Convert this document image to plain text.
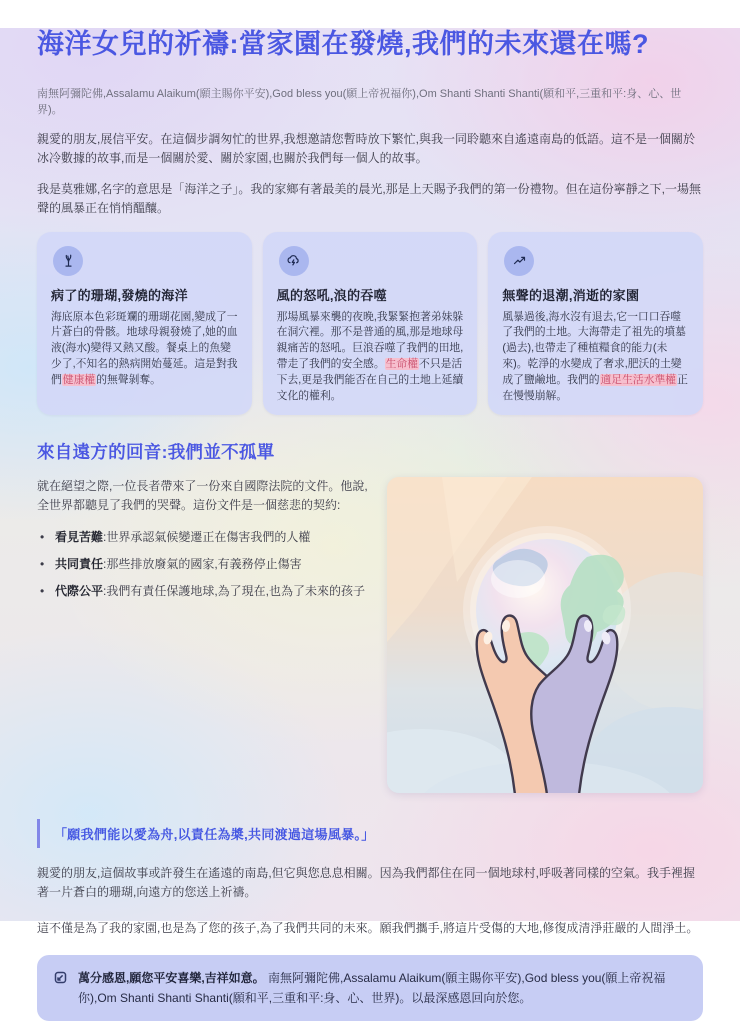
海洋女兒的祈禱:當家園在發燒,我們的未來還在嗎?

南無阿彌陀佛,Assalamu Alaikum(願主賜你平安),God bless you(願上帝祝福你),Om Shanti Shanti Shanti(願和平,三重和平:身、心、世界)。

親愛的朋友,展信平安。在這個步調匆忙的世界,我想邀請您暫時放下繁忙,與我一同聆聽來自遙遠南島的低語。這不是一個關於冰冷數據的故事,而是一個關於愛、關於家園,也關於我們每一個人的故事。

我是莫雅娜,名字的意思是「海洋之子」。我的家鄉有著最美的晨光,那是上天賜予我們的第一份禮物。但在這份寧靜之下,一場無聲的風暴正在悄悄醞釀。

病了的珊瑚,發燒的海洋

海底原本色彩斑斕的珊瑚花園,變成了一片蒼白的骨骸。地球母親發燒了,她的血液(海水)變得又熱又酸。餐桌上的魚變少了,不知名的熱病開始蔓延。這是對我們健康權的無聲剝奪。

風的怒吼,浪的吞噬

那場風暴來襲的夜晚,我緊緊抱著弟妹躲在洞穴裡。那不是普通的風,那是地球母親痛苦的怒吼。巨浪吞噬了我們的田地,帶走了我們的安全感。生命權不只是活下去,更是我們能否在自己的土地上延續文化的權利。

無聲的退潮,消逝的家園

風暴過後,海水沒有退去,它一口口吞噬了我們的土地。大海帶走了祖先的墳墓(過去),也帶走了種植糧食的能力(未來)。乾淨的水變成了奢求,肥沃的土變成了鹽鹼地。我們的適足生活水準權正在慢慢崩解。

來自遠方的回音:我們並不孤單

就在絕望之際,一位長者帶來了一份來自國際法院的文件。他說,全世界都聽見了我們的哭聲。這份文件是一個慈悲的契約:

• 看見苦難:世界承認氣候變遷正在傷害我們的人權
• 共同責任:那些排放廢氣的國家,有義務停止傷害
• 代際公平:我們有責任保護地球,為了現在,也為了未來的孩子
「願我們能以愛為舟,以責任為槳,共同渡過這場風暴。」

親愛的朋友,這個故事或許發生在遙遠的南島,但它與您息息相關。因為我們都住在同一個地球村,呼吸著同樣的空氣。我手裡握著一片蒼白的珊瑚,向遠方的您送上祈禱。

這不僅是為了我的家園,也是為了您的孩子,為了我們共同的未來。願我們攜手,將這片受傷的大地,修復成清淨莊嚴的人間淨土。

萬分感恩,願您平安喜樂,吉祥如意。 南無阿彌陀佛,Assalamu Alaikum(願主賜你平安),God bless you(願上帝祝福你),Om Shanti Shanti Shanti(願和平,三重和平:身、心、世界)。以最深感恩回向於您。
